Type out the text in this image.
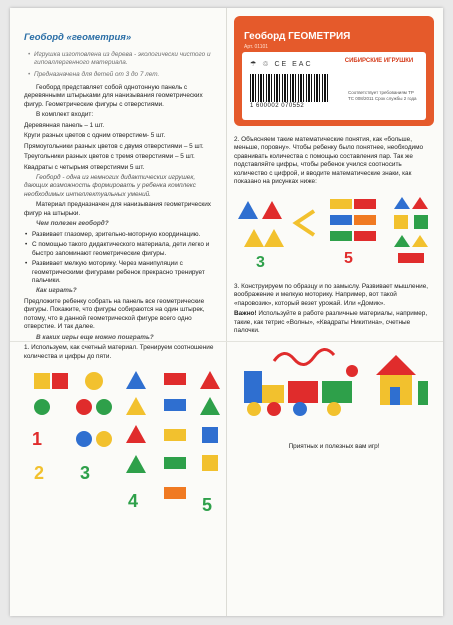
Геоборд «геометрия»
• Игрушка изготовлена из дерева - экологически чистого и гипоаллергенного материала.
• Предназначена для детей от 3 до 7 лет.

Геоборд представляет собой однотонную панель с деревянными штырьками для нанизывания геометрических фигур. Геометрические фигуры с отверстиями.

В комплект входит:

Деревянная панель – 1 шт.

Круги разных цветов с одним отверстием- 5 шт.

Прямоугольники разных цветов с двумя отверстиями – 5 шт.

Треугольники разных цветов с тремя отверстиями – 5 шт.

Квадраты с четырьмя отверстиями 5 шт.

Геоборд - одна из немногих дидактических игрушек, дающих возможность формировать у ребенка комплекс необходимых интеллектуальных умений.

Материал предназначен для нанизывания геометрических фигур на штырьки.

Чем полезен геоборд?

• Развивает глазомер, зрительно-моторную координацию.

• С помощью такого дидактического материала, дети легко и быстро запоминают геометрические фигуры.

• Развивает мелкую моторику. Через манипуляции с геометрическими фигурами ребенок прекрасно тренирует пальчики.

Как играть?

Предложите ребенку собрать на панель все геометрические фигуры. Покажите, что фигуры собираются на один штырек, потому, что в данной геометрической фигуре всего одно отверстие. И так далее.

В каких игры еще можно поиграть?

1. Используем, как счетный материал. Тренируем соотношение количества и цифры до пяти.

1
2 3
4	5
Геоборд ГЕОМЕТРИЯ
Арт. 01101
СИБИРСКИЕ ИГРУШКИ
☂ ♲ CE EAC
1 600002 070552
Соответствует требованиям ТР ТС 008/2011 Срок службы 2 года

2. Объясняем такие математические понятия, как «больше, меньше, поровну». Чтобы ребенку было понятнее, необходимо сравнивать количества с помощью составления пар. Так же подставляйте цифры, чтобы ребенок учился соотносить количество с цифрой, и вводите математические знаки, как показано на рисунках ниже:

3	5

3. Конструируем по образцу и по замыслу. Развивает мышление, воображение и мелкую моторику. Например, вот такой «паровозик», который везет урожай. Или «Домик».

Важно! Используйте в работе различные материалы, например, такие, как тетрис «Волны», «Квадраты Никитина», счетные палочки.

Приятных и полезных вам игр!
